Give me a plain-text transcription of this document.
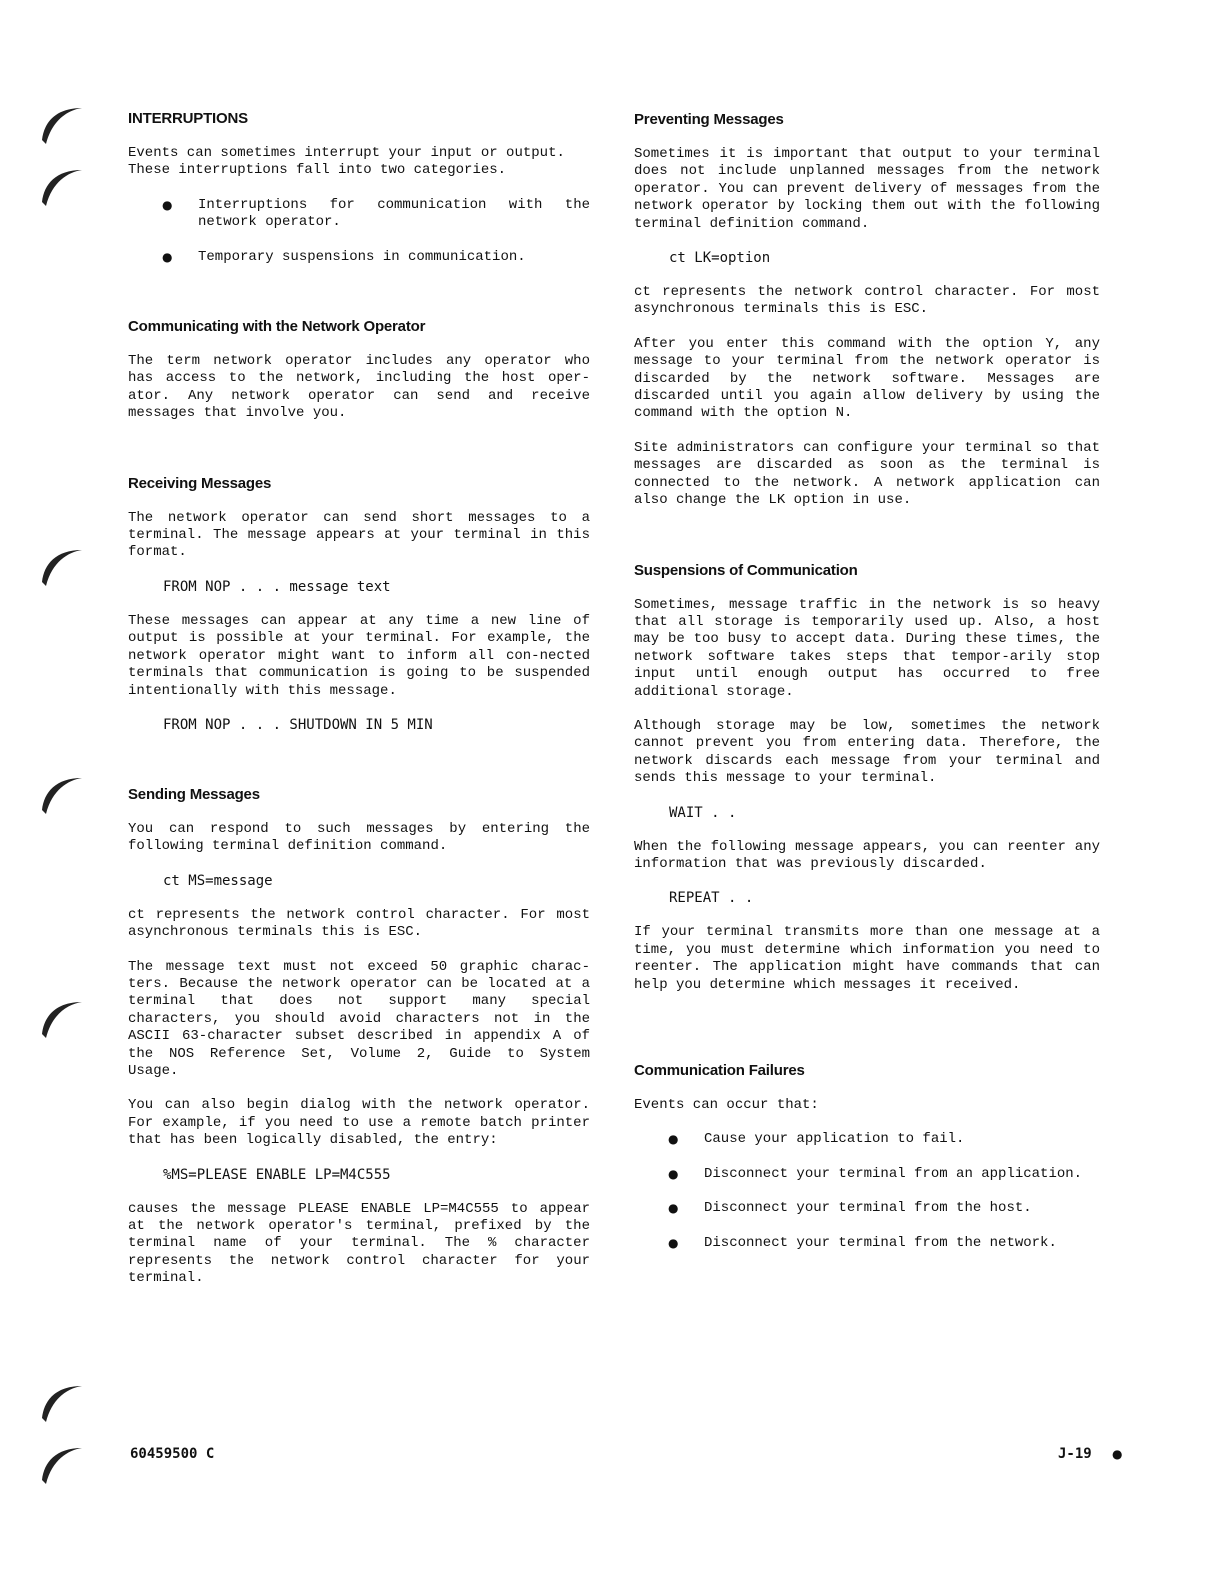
INTERRUPTIONS

Events can sometimes interrupt your input or output.
These interruptions fall into two categories.

● Interruptions for communication with the network operator.
● Temporary suspensions in communication.
Communicating with the Network Operator

The term network operator includes any operator who has access to the network, including the host oper-ator. Any network operator can send and receive messages that involve you.

Receiving Messages

The network operator can send short messages to a terminal. The message appears at your terminal in this format.

FROM NOP . . . message text

These messages can appear at any time a new line of output is possible at your terminal. For example, the network operator might want to inform all con-nected terminals that communication is going to be suspended intentionally with this message.

FROM NOP . . . SHUTDOWN IN 5 MIN
Sending Messages

You can respond to such messages by entering the following terminal definition command.

ct MS=message

ct represents the network control character. For most asynchronous terminals this is ESC.

The message text must not exceed 50 graphic charac-ters. Because the network operator can be located at a terminal that does not support many special characters, you should avoid characters not in the ASCII 63-character subset described in appendix A of the NOS Reference Set, Volume 2, Guide to System Usage.

You can also begin dialog with the network operator. For example, if you need to use a remote batch printer that has been logically disabled, the entry:

%MS=PLEASE ENABLE LP=M4C555

causes the message PLEASE ENABLE LP=M4C555 to appear at the network operator's terminal, prefixed by the terminal name of your terminal. The % character represents the network control character for your terminal.

Preventing Messages

Sometimes it is important that output to your terminal does not include unplanned messages from the network operator. You can prevent delivery of messages from the network operator by locking them out with the following terminal definition command.

ct LK=option

ct represents the network control character. For most asynchronous terminals this is ESC.

After you enter this command with the option Y, any message to your terminal from the network operator is discarded by the network software. Messages are discarded until you again allow delivery by using the command with the option N.

Site administrators can configure your terminal so that messages are discarded as soon as the terminal is connected to the network. A network application can also change the LK option in use.

Suspensions of Communication

Sometimes, message traffic in the network is so heavy that all storage is temporarily used up. Also, a host may be too busy to accept data. During these times, the network software takes steps that tempor-arily stop input until enough output has occurred to free additional storage.

Although storage may be low, sometimes the network cannot prevent you from entering data. Therefore, the network discards each message from your terminal and sends this message to your terminal.

WAIT . .

When the following message appears, you can reenter any information that was previously discarded.

REPEAT . .

If your terminal transmits more than one message at a time, you must determine which information you need to reenter. The application might have commands that can help you determine which messages it received.

Communication Failures

Events can occur that:

● Cause your application to fail.
● Disconnect your terminal from an application.
● Disconnect your terminal from the host.
● Disconnect your terminal from the network.
60459500 C	J-19 ●
